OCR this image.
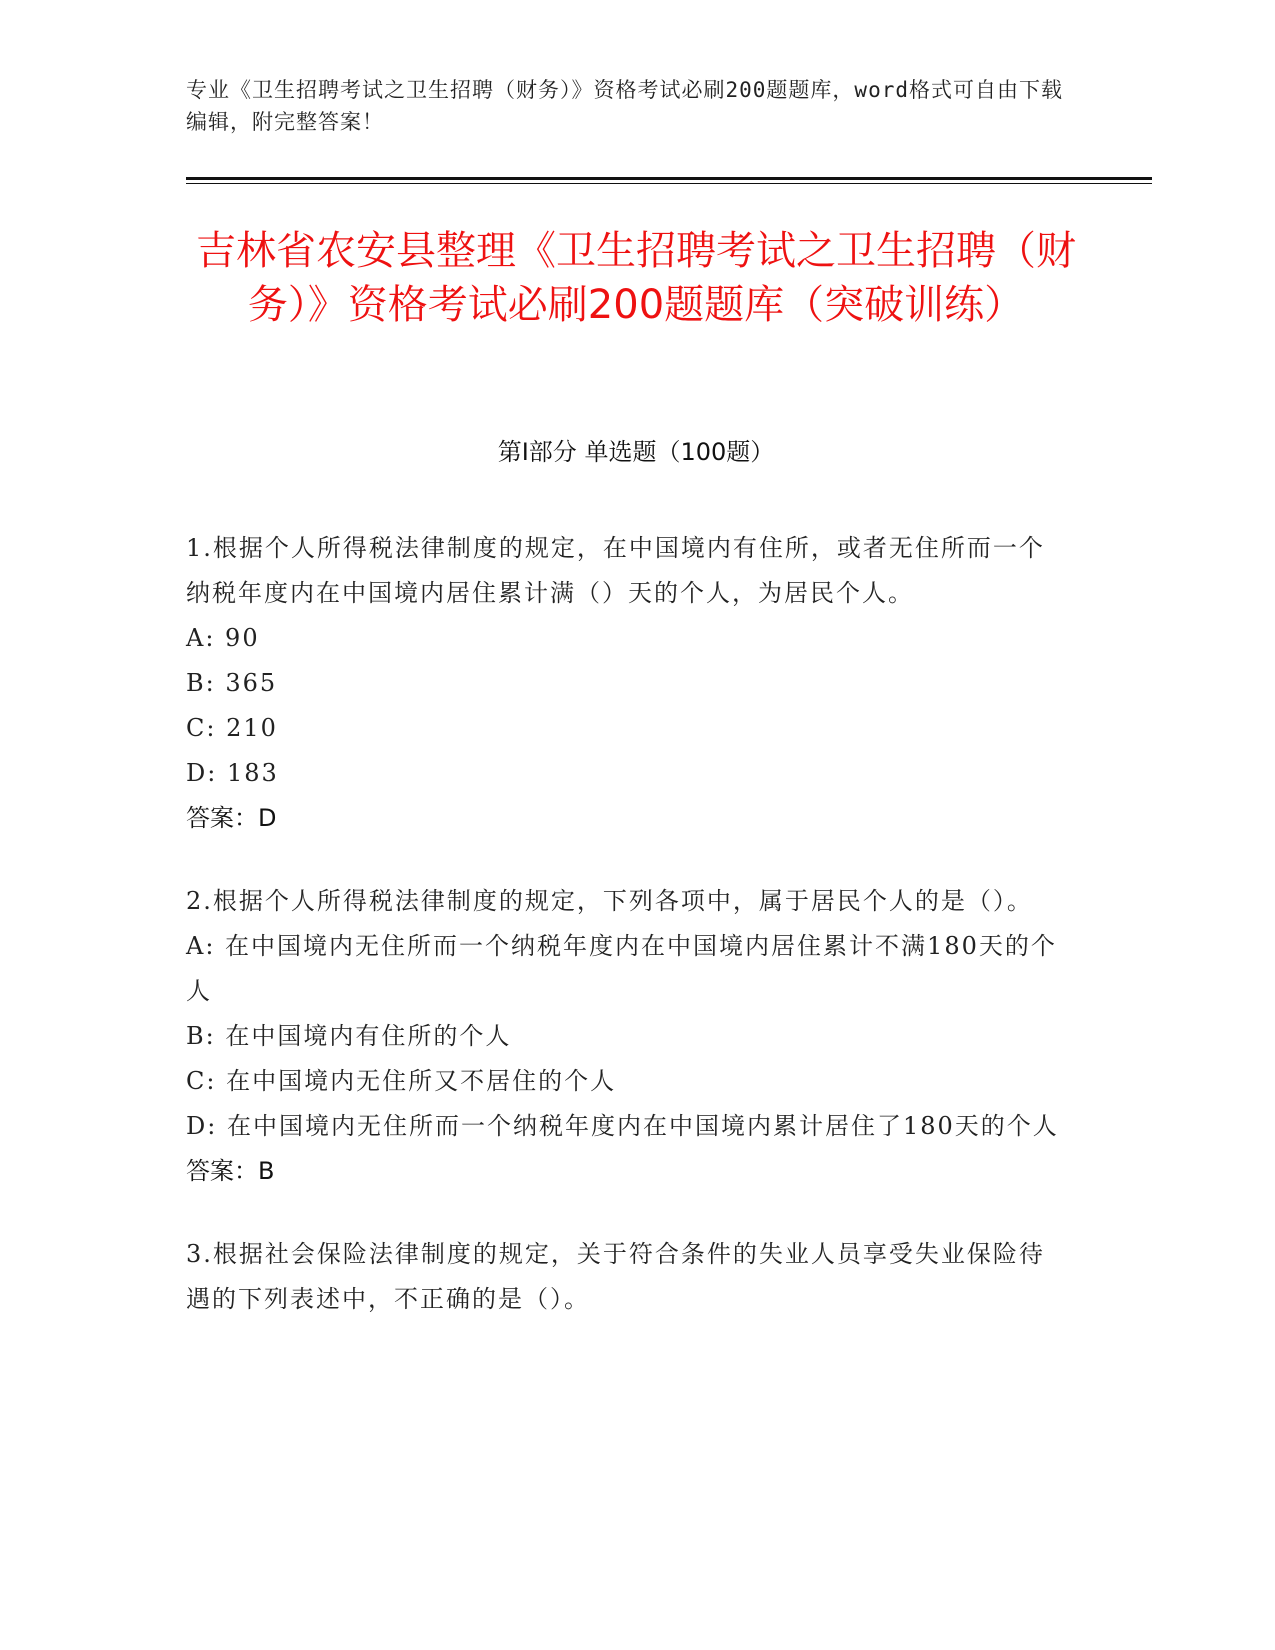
专业《卫生招聘考试之卫生招聘（财务）》资格考试必刷200题题库，word格式可自由下载编辑，附完整答案！
吉林省农安县整理《卫生招聘考试之卫生招聘（财务）》资格考试必刷200题题库（突破训练）
第I部分 单选题（100题）
1.根据个人所得税法律制度的规定，在中国境内有住所，或者无住所而一个纳税年度内在中国境内居住累计满（）天的个人，为居民个人。
A: 90
B: 365
C: 210
D: 183
答案：D
2.根据个人所得税法律制度的规定，下列各项中，属于居民个人的是（）。
A: 在中国境内无住所而一个纳税年度内在中国境内居住累计不满180天的个人
B: 在中国境内有住所的个人
C: 在中国境内无住所又不居住的个人
D: 在中国境内无住所而一个纳税年度内在中国境内累计居住了180天的个人
答案：B
3.根据社会保险法律制度的规定，关于符合条件的失业人员享受失业保险待遇的下列表述中，不正确的是（）。
